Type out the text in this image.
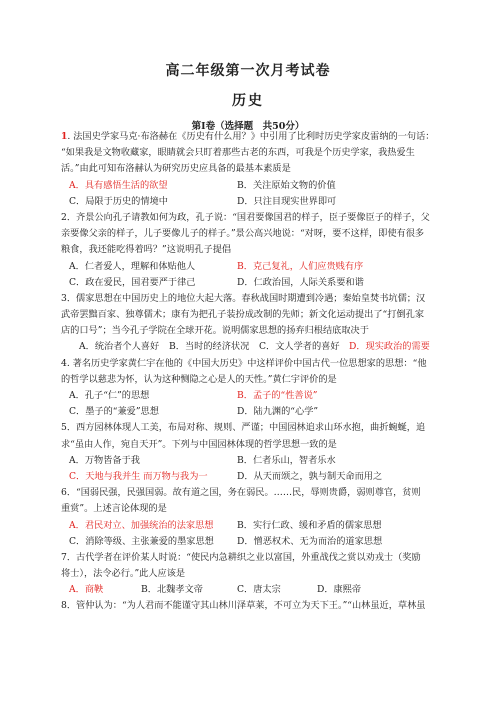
高二年级第一次月考试卷
历史
第Ⅰ卷（选择题　共50分）
1. 法国史学家马克·布洛赫在《历史有什么用？》中引用了比利时历史学家皮雷纳的一句话：
“如果我是文物收藏家，眼睛就会只盯着那些古老的东西，可我是个历史学家，我热爱生
活。”由此可知布洛赫认为研究历史应具备的最基本素质是
A．具有感悟生活的欲望	B．关注原始文物的价值
C．局限于历史的情境中	D．只注目现实世界即可
2．齐景公向孔子请教如何为政，孔子说：“国君要像国君的样子，臣子要像臣子的样子，父
亲要像父亲的样子，儿子要像儿子的样子。”景公高兴地说：“对呀，要不这样，即使有很多
粮食，我还能吃得着吗？”这说明孔子提倡
A．仁者爱人，理解和体贴他人	B．克己复礼，人们应贵贱有序
C．政在爱民，国君要严于律己	D．仁政治国，人际关系要和谐
3．儒家思想在中国历史上的地位大起大落。春秋战国时期遭到冷遇；秦始皇焚书坑儒；汉
武帝罢黜百家、独尊儒术；康有为把孔子装扮成改制的先师；新文化运动提出了“打倒孔家
店的口号”；当今孔子学院在全球开花。说明儒家思想的扬弃归根结底取决于
A．统治者个人喜好	B．当时的经济状况	C．文人学者的喜好	D．现实政治的需要
4. 著名历史学家黄仁宇在他的《中国大历史》中这样评价中国古代一位思想家的思想：“他
的哲学以慈悲为怀，认为这种恻隐之心是人的天性。”黄仁宇评价的是
A．孔子“仁”的思想	B．孟子的“性善说”
C．墨子的“兼爱”思想	D．陆九渊的“心学”
5．西方园林体现人工美，布局对称、规则、严谨；中国园林追求山环水抱，曲折蜿蜒，追
求“虽由人作，宛自天开”。下列与中国园林体现的哲学思想一致的是
A．万物皆备于我	B．仁者乐山，智者乐水
C．天地与我并生 而万物与我为一	D．从天而颂之，孰与制天命而用之
6．“国弱民强，民强国弱。故有道之国，务在弱民。……民，辱则贵爵，弱则尊官，贫则
重赏”。上述言论体现的是
A．君民对立、加强统治的法家思想	B．实行仁政、缓和矛盾的儒家思想
C．消除等级、主张兼爱的墨家思想	D．憎恶权术、无为而治的道家思想
7．古代学者在评价某人时说：“使民内急耕织之业以富国，外重战伐之赏以劝戎士（奖励
将士），法令必行。”此人应该是
A．商鞅	B．北魏孝文帝	C．唐太宗	D．康熙帝
8．管仲认为：“为人君而不能谨守其山林川泽草莱，不可立为天下王。”“山林虽近，草林虽
